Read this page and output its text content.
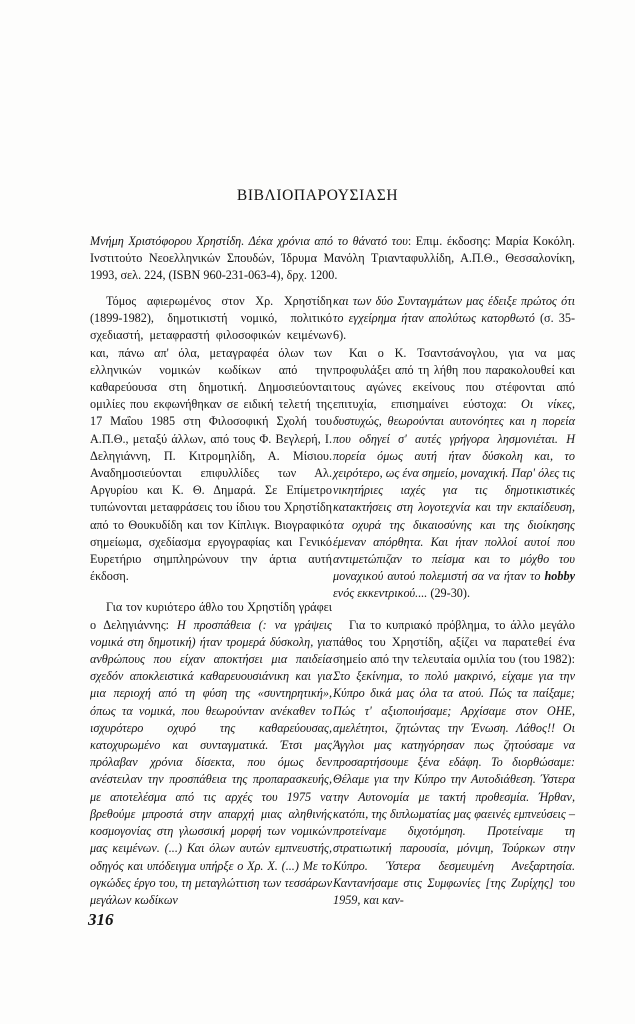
ΒΙΒΛΙΟΠΑΡΟΥΣΙΑΣΗ
Μνήμη Χριστόφορου Χρηστίδη. Δέκα χρόνια από το θάνατό του: Επιμ. έκδοσης: Μαρία Κοκόλη. Ινστιτούτο Νεοελληνικών Σπουδών, Ίδρυμα Μανόλη Τριανταφυλλίδη, Α.Π.Θ., Θεσσαλονίκη, 1993, σελ. 224, (ISBN 960-231-063-4), δρχ. 1200.

Τόμος αφιερωμένος στον Χρ. Χρηστίδη (1899-1982), δημοτικιστή νομικό, πολιτικό σχεδιαστή, μεταφραστή φιλοσοφικών κειμένων και, πάνω απ' όλα, μεταγραφέα όλων των ελληνικών νομικών κωδίκων από την καθαρεύουσα στη δημοτική. Δημοσιεύονται ομιλίες που εκφωνήθηκαν σε ειδική τελετή της 17 Μαΐου 1985 στη Φιλοσοφική Σχολή του Α.Π.Θ., μεταξύ άλλων, από τους Φ. Βεγλερή, Ι. Δεληγιάννη, Π. Κιτρομηλίδη, Α. Μίσιου. Αναδημοσιεύονται επιφυλλίδες των Αλ. Αργυρίου και Κ. Θ. Δημαρά. Σε Επίμετρο τυπώνονται μεταφράσεις του ίδιου του Χρηστίδη από το Θουκυδίδη και τον Κίπλιγκ. Βιογραφικό σημείωμα, σχεδίασμα εργογραφίας και Γενικό Ευρετήριο σημπληρώνουν την άρτια αυτή έκδοση.

Για τον κυριότερο άθλο του Χρηστίδη γράφει ο Δεληγιάννης: Η προσπάθεια (: να γράψεις νομικά στη δημοτική) ήταν τρομερά δύσκολη, για ανθρώπους που είχαν αποκτήσει μια παιδεία σχεδόν αποκλειστικά καθαρευουσιάνικη και για μια περιοχή από τη φύση της «συντηρητική», όπως τα νομικά, που θεωρούνταν ανέκαθεν το ισχυρότερο οχυρό της καθαρεύουσας, κατοχυρωμένο και συνταγματικά. Έτσι μας πρόλαβαν χρόνια δίσεκτα, που όμως δεν ανέστειλαν την προσπάθεια της προπαρασκευής, με αποτελέσμα από τις αρχές του 1975 να βρεθούμε μπροστά στην απαρχή μιας αληθινής κοσμογονίας στη γλωσσική μορφή των νομικών μας κειμένων. (...) Και όλων αυτών εμπνευστής, οδηγός και υπόδειγμα υπήρξε ο Χρ. Χ. (...) Με το ογκώδες έργο του, τη μεταγλώττιση των τεσσάρων μεγάλων κωδίκων

και των δύο Συνταγμάτων μας έδειξε πρώτος ότι το εγχείρημα ήταν απολύτως κατορθωτό (σ. 35-6).

Και ο Κ. Τσαντσάνογλου, για να μας προφυλάξει από τη λήθη που παρακολουθεί και τους αγώνες εκείνους που στέφονται από επιτυχία, επισημαίνει εύστοχα: Οι νίκες, δυστυχώς, θεωρούνται αυτονόητες και η πορεία που οδηγεί σ' αυτές γρήγορα λησμονιέται. Η πορεία όμως αυτή ήταν δύσκολη και, το χειρότερο, ως ένα σημείο, μοναχική. Παρ' όλες τις νικητήριες ιαχές για τις δημοτικιστικές κατακτήσεις στη λογοτεχνία και την εκπαίδευση, τα οχυρά της δικαιοσύνης και της διοίκησης έμεναν απόρθητα. Και ήταν πολλοί αυτοί που αντιμετώπιζαν το πείσμα και το μόχθο του μοναχικού αυτού πολεμιστή σα να ήταν το hobby ενός εκκεντρικού.... (29-30).

Για το κυπριακό πρόβλημα, το άλλο μεγάλο πάθος του Χρηστίδη, αξίζει να παρατεθεί ένα σημείο από την τελευταία ομιλία του (του 1982): Στο ξεκίνημα, το πολύ μακρινό, είχαμε για την Κύπρο δικά μας όλα τα ατού. Πώς τα παίξαμε; Πώς τ' αξιοποιήσαμε; Αρχίσαμε στον ΟΗΕ, αμελέτητοι, ζητώντας την Ένωση. Λάθος!! Οι Άγγλοι μας κατηγόρησαν πως ζητούσαμε να προσαρτήσουμε ξένα εδάφη. Το διορθώσαμε: Θέλαμε για την Κύπρο την Αυτοδιάθεση. Ύστερα την Αυτονομία με τακτή προθεσμία. Ήρθαν, κατόπι, της διπλωματίας μας φαεινές εμπνεύσεις –προτείναμε διχοτόμηση. Προτείναμε τη στρατιωτική παρουσία, μόνιμη, Τούρκων στην Κύπρο. Ύστερα δεσμευμένη Ανεξαρτησία. Καντανήσαμε στις Συμφωνίες [της Ζυρίχης] του 1959, και καν-

316
